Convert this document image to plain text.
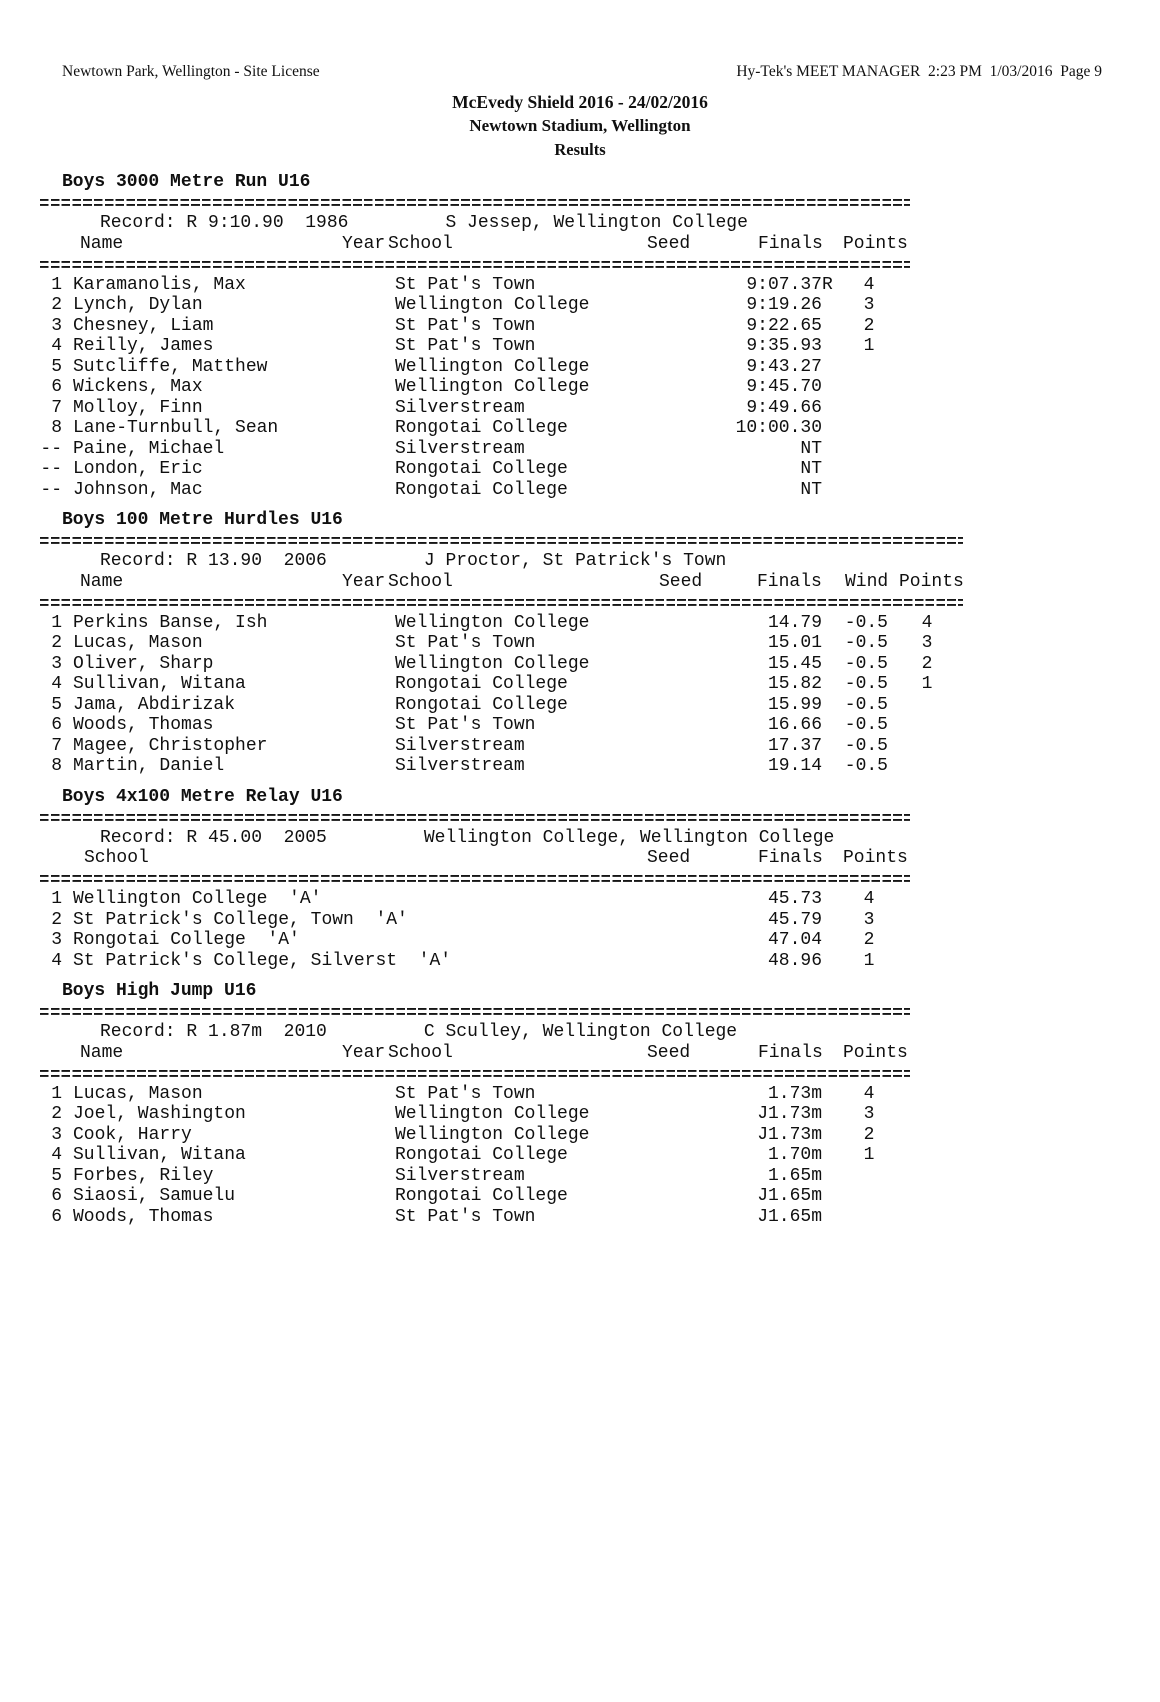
Newtown Park, Wellington - Site License	Hy-Tek's MEET MANAGER  2:23 PM  1/03/2016  Page 9
McEvedy Shield 2016 - 24/02/2016
Newtown Stadium, Wellington
Results
Boys 3000 Metre Run U16
Record: R 9:10.90 1986	S Jessep, Wellington College
Name	Year School	Seed	Finals Points
1 Karamanolis, Max	St Pat's Town	9:07.37 R	4
2 Lynch, Dylan	Wellington College	9:19.26	3
3 Chesney, Liam	St Pat's Town	9:22.65	2
4 Reilly, James	St Pat's Town	9:35.93	1
5 Sutcliffe, Matthew	Wellington College	9:43.27
6 Wickens, Max	Wellington College	9:45.70
7 Molloy, Finn	Silverstream	9:49.66
8 Lane-Turnbull, Sean	Rongotai College	10:00.30
-- Paine, Michael	Silverstream	NT
-- London, Eric	Rongotai College	NT
-- Johnson, Mac	Rongotai College	NT
Boys 100 Metre Hurdles U16
Record: R 13.90 2006	J Proctor, St Patrick's Town
Name	Year School	Seed	Finals Wind Points
1 Perkins Banse, Ish	Wellington College	14.79	-0.5	4
2 Lucas, Mason	St Pat's Town	15.01	-0.5	3
3 Oliver, Sharp	Wellington College	15.45	-0.5	2
4 Sullivan, Witana	Rongotai College	15.82	-0.5	1
5 Jama, Abdirizak	Rongotai College	15.99	-0.5
6 Woods, Thomas	St Pat's Town	16.66	-0.5
7 Magee, Christopher	Silverstream	17.37	-0.5
8 Martin, Daniel	Silverstream	19.14	-0.5
Boys 4x100 Metre Relay U16
Record: R 45.00 2005	Wellington College, Wellington College
School	Seed	Finals Points
1 Wellington College  'A'	45.73	4
2 St Patrick's College, Town  'A'	45.79	3
3 Rongotai College  'A'	47.04	2
4 St Patrick's College, Silverst  'A'	48.96	1
Boys High Jump U16
Record: R 1.87m 2010	C Sculley, Wellington College
Name	Year School	Seed	Finals Points
1 Lucas, Mason	St Pat's Town	1.73m	4
2 Joel, Washington	Wellington College	J1.73m	3
3 Cook, Harry	Wellington College	J1.73m	2
4 Sullivan, Witana	Rongotai College	1.70m	1
5 Forbes, Riley	Silverstream	1.65m
6 Siaosi, Samuelu	Rongotai College	J1.65m
6 Woods, Thomas	St Pat's Town	J1.65m
